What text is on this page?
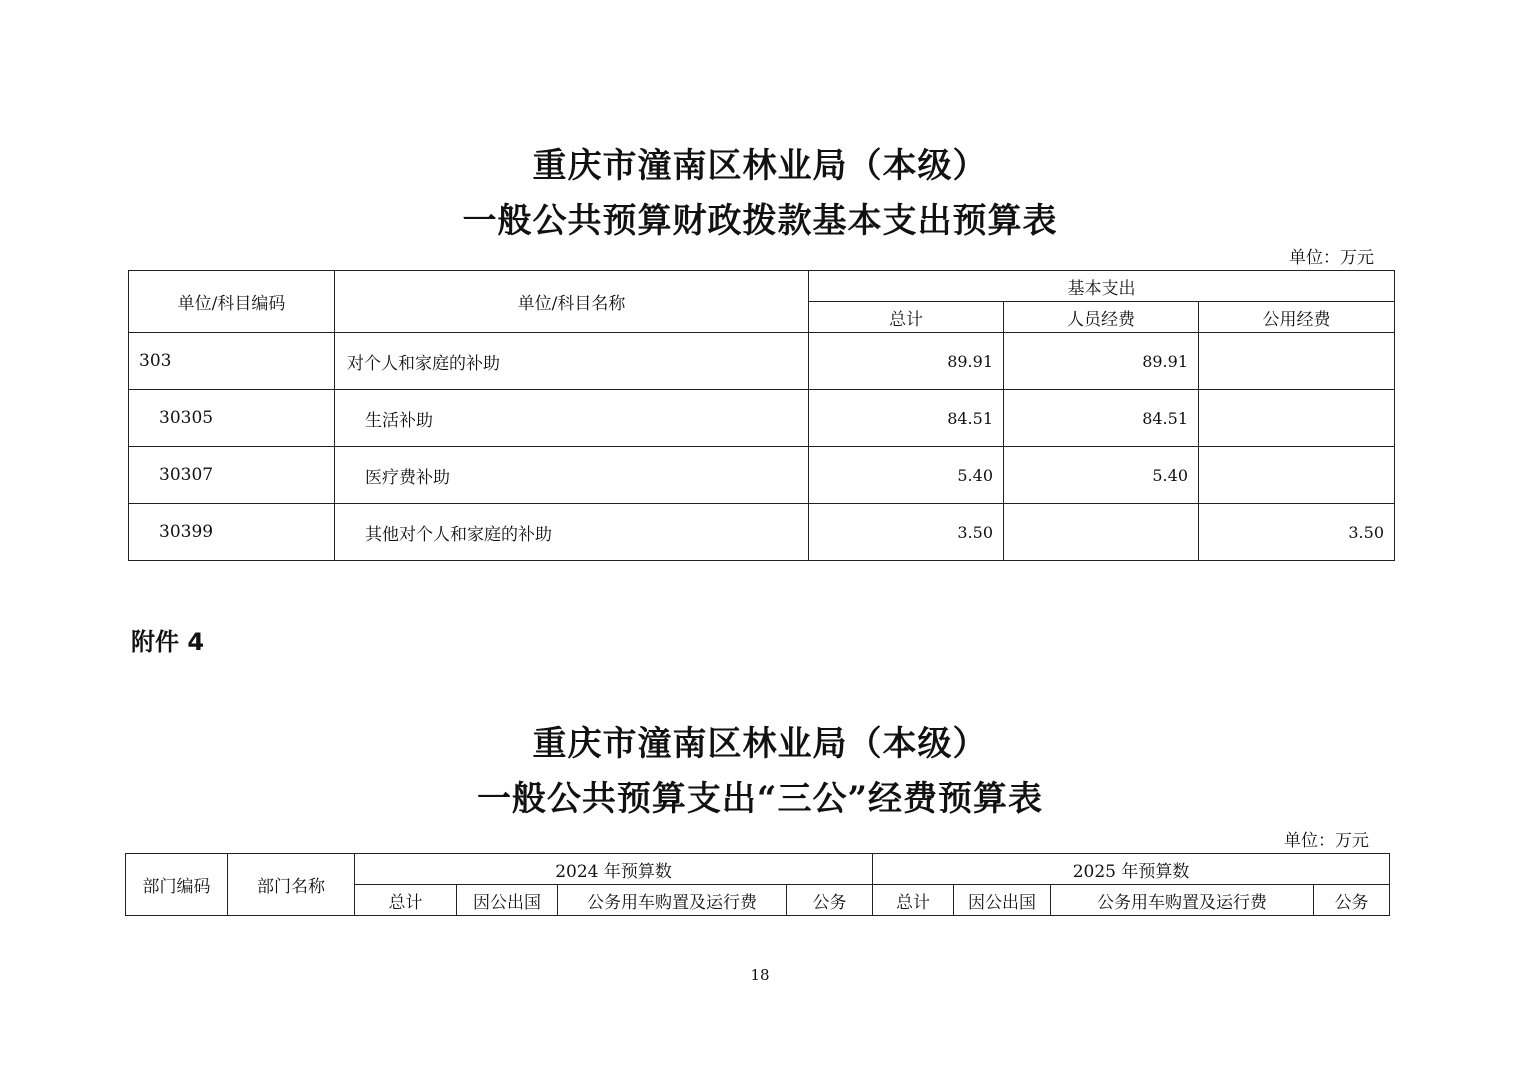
重庆市潼南区林业局（本级）
一般公共预算财政拨款基本支出预算表
单位：万元
单位/科目编码	单位/科目名称	基本支出		
		总计	人员经费	公用经费
303	对个人和家庭的补助	89.91	89.91	
30305	生活补助	84.51	84.51	
30307	医疗费补助	5.40	5.40	
30399	其他对个人和家庭的补助	3.50		3.50
附件 4
重庆市潼南区林业局（本级）
一般公共预算支出“三公”经费预算表
单位：万元
部门编码	部门名称	2024 年预算数				2025 年预算数			
		总计	因公出国	公务用车购置及运行费	公务	总计	因公出国	公务用车购置及运行费	公务
18
